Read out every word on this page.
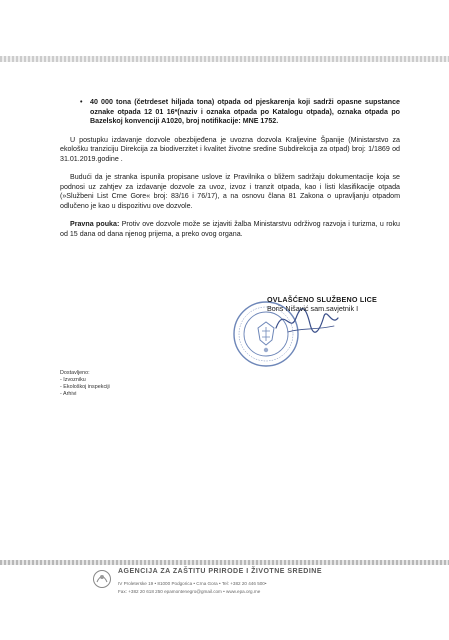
• 40 000 tona (četrdeset hiljada tona) otpada od pjeskarenja koji sadrži opasne supstance oznake otpada 12 01 16*(naziv i oznaka otpada po Katalogu otpada), oznaka otpada po Bazelskoj konvenciji A1020, broj notifikacije: MNE 1752.

U postupku izdavanje dozvole obezbijeđena je uvozna dozvola Kraljevine Španije (Ministarstvo za ekološku tranziciju Direkcija za biodiverzitet i kvalitet životne sredine Subdirekcija za otpad) broj: 1/1869 od 31.01.2019.godine .

Budući da je stranka ispunila propisane uslove iz Pravilnika o bližem sadržaju dokumentacije koja se podnosi uz zahtjev za izdavanje dozvole za uvoz, izvoz i tranzit otpada, kao i listi klasifikacije otpada (»Službeni List Crne Gore« broj: 83/16 i 76/17), a na osnovu člana 81 Zakona o upravljanju otpadom odlučeno je kao u dispozitivu ove dozvole.

Pravna pouka: Protiv ove dozvole može se izjaviti žalba Ministarstvu održivog razvoja i turizma, u roku od 15 dana od dana njenog prijema, a preko ovog organa.

OVLAŠĆENO SLUŽBENO LICE
Boris Nišavić sam.savjetnik I
Dostavljeno:
- Izvozniku
- Ekološkoj inspekciji
- Arhivi
AGENCIJA ZA ZAŠTITU PRIRODE I ŽIVOTNE SREDINE
IV Proleterske 19 • 81000 Podgorica • Crna Gora • Tel: +382 20 446 500•
Fax: +382 20 618 250 epamontenegro@gmail.com • www.epa.org.me
